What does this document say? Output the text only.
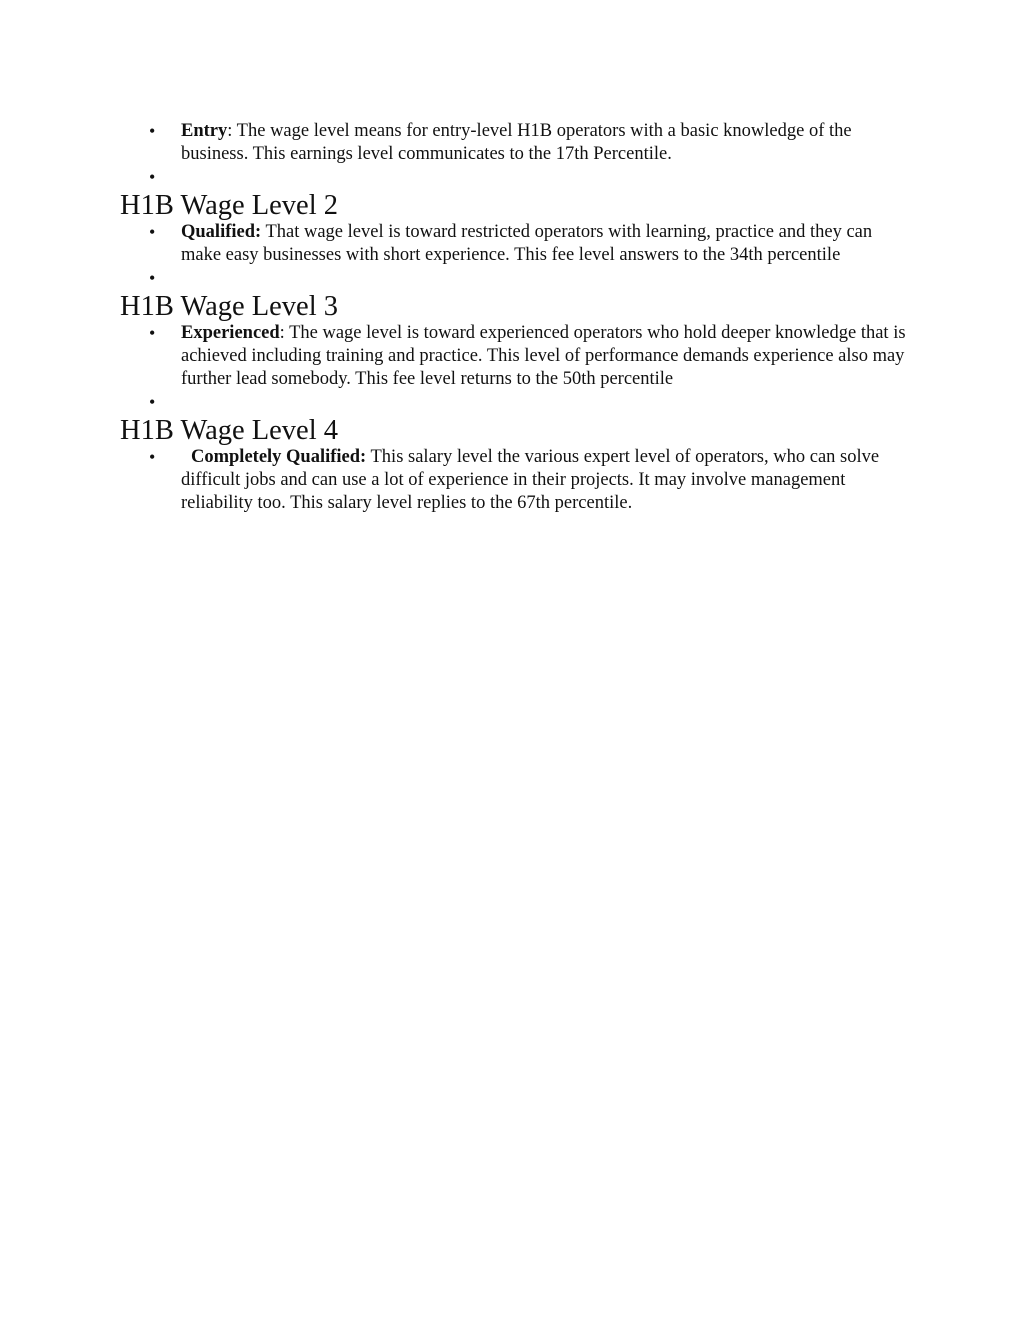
• Entry: The wage level means for entry-level H1B operators with a basic knowledge of the business. This earnings level communicates to the 17th Percentile.
•
H1B Wage Level 2
• Qualified: That wage level is toward restricted operators with learning, practice and they can make easy businesses with short experience. This fee level answers to the 34th percentile
•
H1B Wage Level 3
• Experienced: The wage level is toward experienced operators who hold deeper knowledge that is achieved including training and practice. This level of performance demands experience also may further lead somebody. This fee level returns to the 50th percentile
•
H1B Wage Level 4
• Completely Qualified: This salary level the various expert level of operators, who can solve difficult jobs and can use a lot of experience in their projects. It may involve management reliability too. This salary level replies to the 67th percentile.
